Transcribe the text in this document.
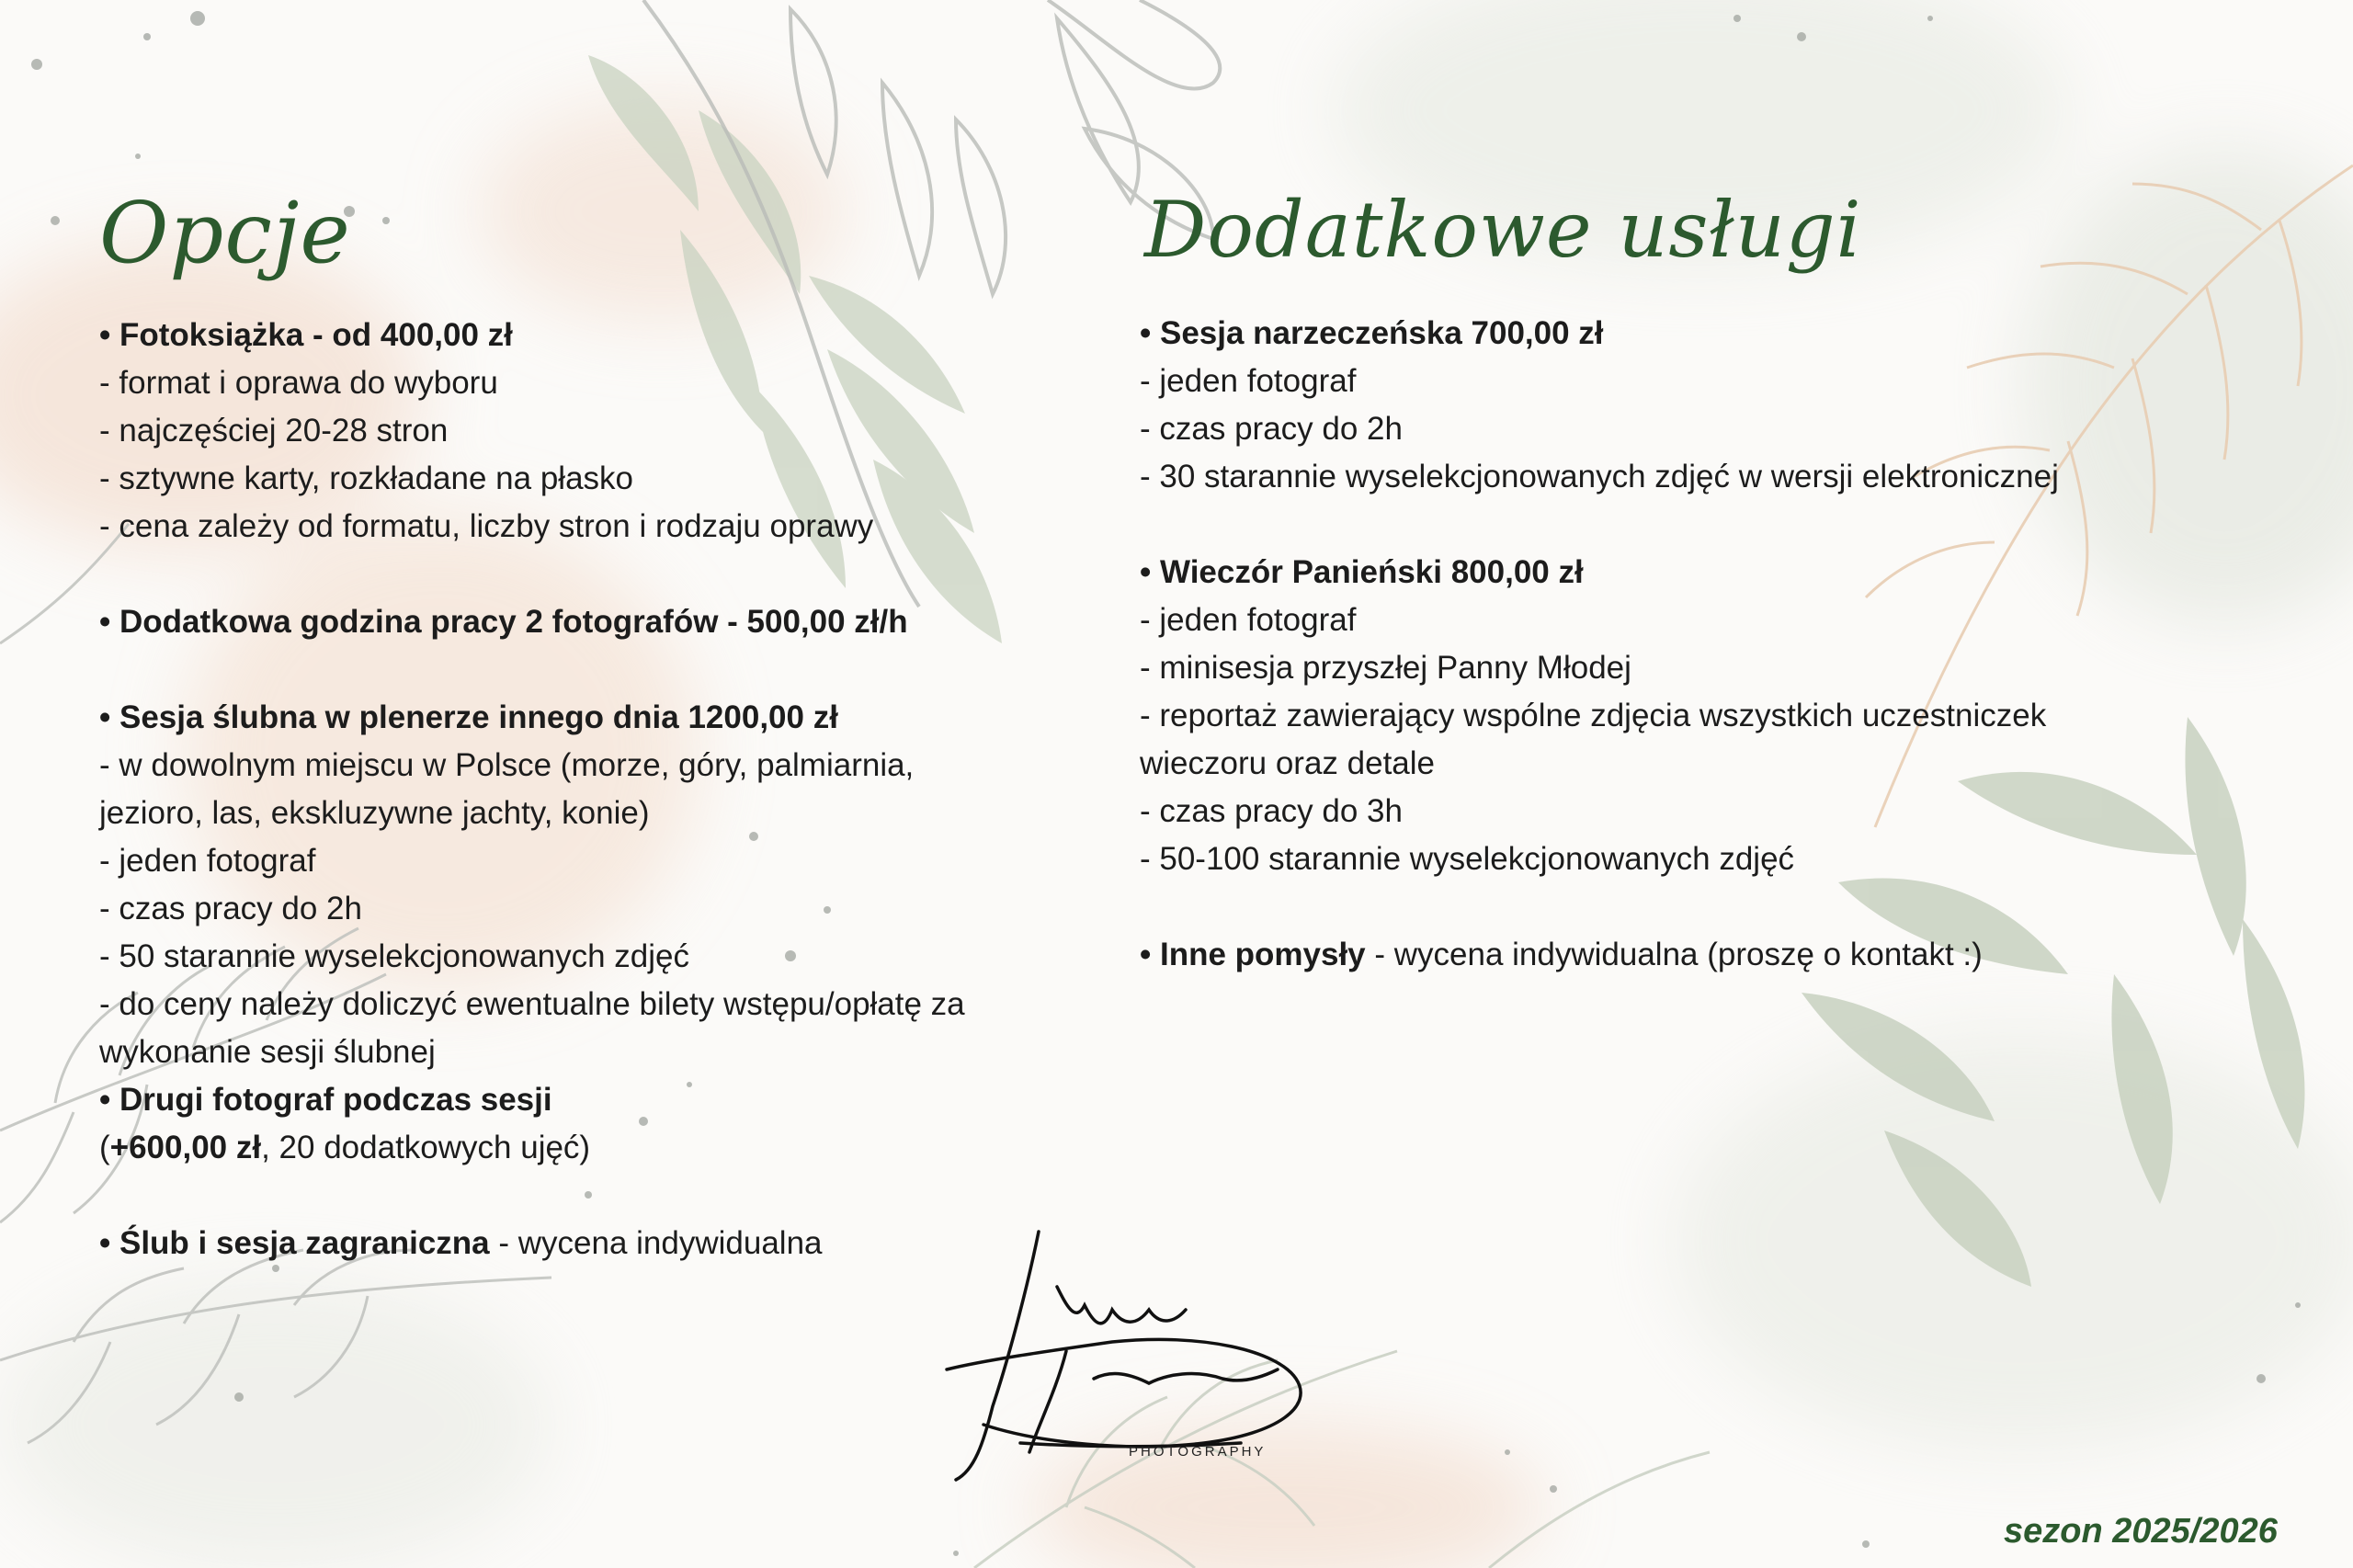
Opcje
• Fotoksiążka - od 400,00 zł
- format i oprawa do wyboru
- najczęściej 20-28 stron
- sztywne karty, rozkładane na płasko
- cena zależy od formatu, liczby stron i rodzaju oprawy
• Dodatkowa godzina pracy 2 fotografów - 500,00 zł/h
• Sesja ślubna w plenerze innego dnia 1200,00 zł
- w dowolnym miejscu w Polsce (morze, góry, palmiarnia,
jezioro, las, ekskluzywne jachty, konie)
- jeden fotograf
- czas pracy do 2h
- 50 starannie wyselekcjonowanych zdjęć
- do ceny należy doliczyć ewentualne bilety wstępu/opłatę za
wykonanie sesji ślubnej
• Drugi fotograf podczas sesji
(+600,00 zł, 20 dodatkowych ujęć)
• Ślub i sesja zagraniczna - wycena indywidualna
Dodatkowe usługi
• Sesja narzeczeńska 700,00 zł
- jeden fotograf
- czas pracy do 2h
- 30 starannie wyselekcjonowanych zdjęć w wersji elektronicznej
• Wieczór Panieński 800,00 zł
- jeden fotograf
- minisesja przyszłej Panny Młodej
- reportaż zawierający wspólne zdjęcia wszystkich uczestniczek
wieczoru oraz detale
- czas pracy do 3h
- 50-100 starannie wyselekcjonowanych zdjęć
• Inne pomysły - wycena indywidualna (proszę o kontakt :)
PHOTOGRAPHY
sezon 2025/2026
